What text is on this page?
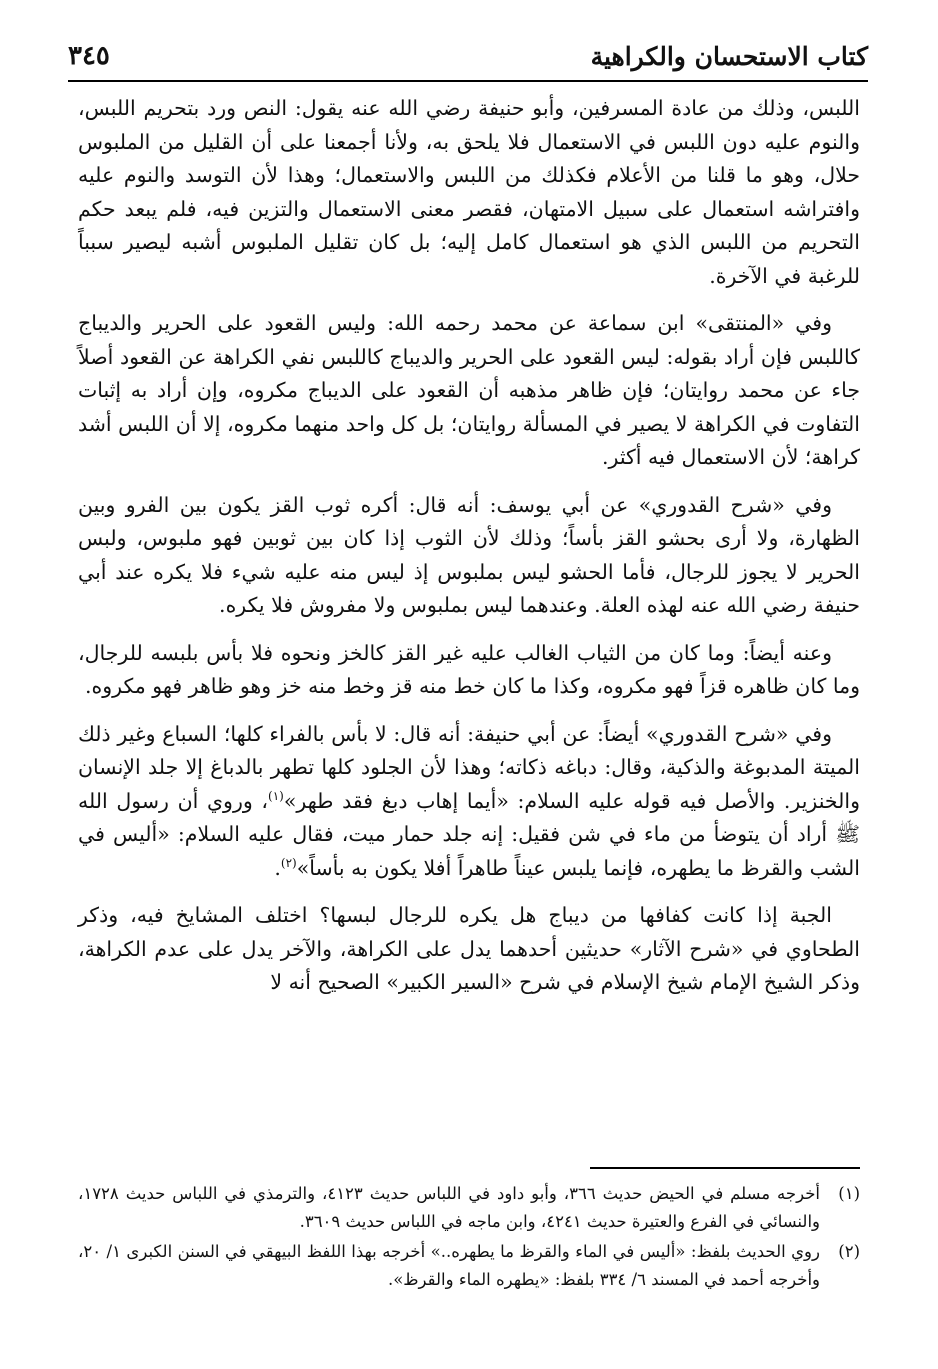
كتاب الاستحسان والكراهية
٣٤٥

اللبس، وذلك من عادة المسرفين، وأبو حنيفة رضي الله عنه يقول: النص ورد بتحريم اللبس، والنوم عليه دون اللبس في الاستعمال فلا يلحق به، ولأنا أجمعنا على أن القليل من الملبوس حلال، وهو ما قلنا من الأعلام فكذلك من اللبس والاستعمال؛ وهذا لأن التوسد والنوم عليه وافتراشه استعمال على سبيل الامتهان، فقصر معنى الاستعمال والتزين فيه، فلم يبعد حكم التحريم من اللبس الذي هو استعمال كامل إليه؛ بل كان تقليل الملبوس أشبه ليصير سبباً للرغبة في الآخرة.

وفي «المنتقى» ابن سماعة عن محمد رحمه الله: وليس القعود على الحرير والديباج كاللبس فإن أراد بقوله: ليس القعود على الحرير والديباج كاللبس نفي الكراهة عن القعود أصلاً جاء عن محمد روايتان؛ فإن ظاهر مذهبه أن القعود على الديباج مكروه، وإن أراد به إثبات التفاوت في الكراهة لا يصير في المسألة روايتان؛ بل كل واحد منهما مكروه، إلا أن اللبس أشد كراهة؛ لأن الاستعمال فيه أكثر.

وفي «شرح القدوري» عن أبي يوسف: أنه قال: أكره ثوب القز يكون بين الفرو وبين الظهارة، ولا أرى بحشو القز بأساً؛ وذلك لأن الثوب إذا كان بين ثوبين فهو ملبوس، ولبس الحرير لا يجوز للرجال، فأما الحشو ليس بملبوس إذ ليس منه عليه شيء فلا يكره عند أبي حنيفة رضي الله عنه لهذه العلة. وعندهما ليس بملبوس ولا مفروش فلا يكره.

وعنه أيضاً: وما كان من الثياب الغالب عليه غير القز كالخز ونحوه فلا بأس بلبسه للرجال، وما كان ظاهره قزاً فهو مكروه، وكذا ما كان خط منه قز وخط منه خز وهو ظاهر فهو مكروه.

وفي «شرح القدوري» أيضاً: عن أبي حنيفة: أنه قال: لا بأس بالفراء كلها؛ السباع وغير ذلك الميتة المدبوغة والذكية، وقال: دباغه ذكاته؛ وهذا لأن الجلود كلها تطهر بالدباغ إلا جلد الإنسان والخنزير. والأصل فيه قوله عليه السلام: «أيما إهاب دبغ فقد طهر»$^{(١)}$، وروي أن رسول الله ﷺ أراد أن يتوضأ من ماء في شن فقيل: إنه جلد حمار ميت، فقال عليه السلام: «أليس في الشب والقرظ ما يطهره، فإنما يلبس عيناً طاهراً أفلا يكون به بأساً»$^{(٢)}$.

الجبة إذا كانت كفافها من ديباج هل يكره للرجال لبسها؟ اختلف المشايخ فيه، وذكر الطحاوي في «شرح الآثار» حديثين أحدهما يدل على الكراهة، والآخر يدل على عدم الكراهة، وذكر الشيخ الإمام شيخ الإسلام في شرح «السير الكبير» الصحيح أنه لا

(١)
أخرجه مسلم في الحيض حديث ٣٦٦، وأبو داود في اللباس حديث ٤١٢٣، والترمذي في اللباس حديث ١٧٢٨، والنسائي في الفرع والعتيرة حديث ٤٢٤١، وابن ماجه في اللباس حديث ٣٦٠٩.
(٢)
روي الحديث بلفظ: «أليس في الماء والقرظ ما يطهره..» أخرجه بهذا اللفظ البيهقي في السنن الكبرى ١/ ٢٠، وأخرجه أحمد في المسند ٦/ ٣٣٤ بلفظ: «يطهره الماء والقرظ».
